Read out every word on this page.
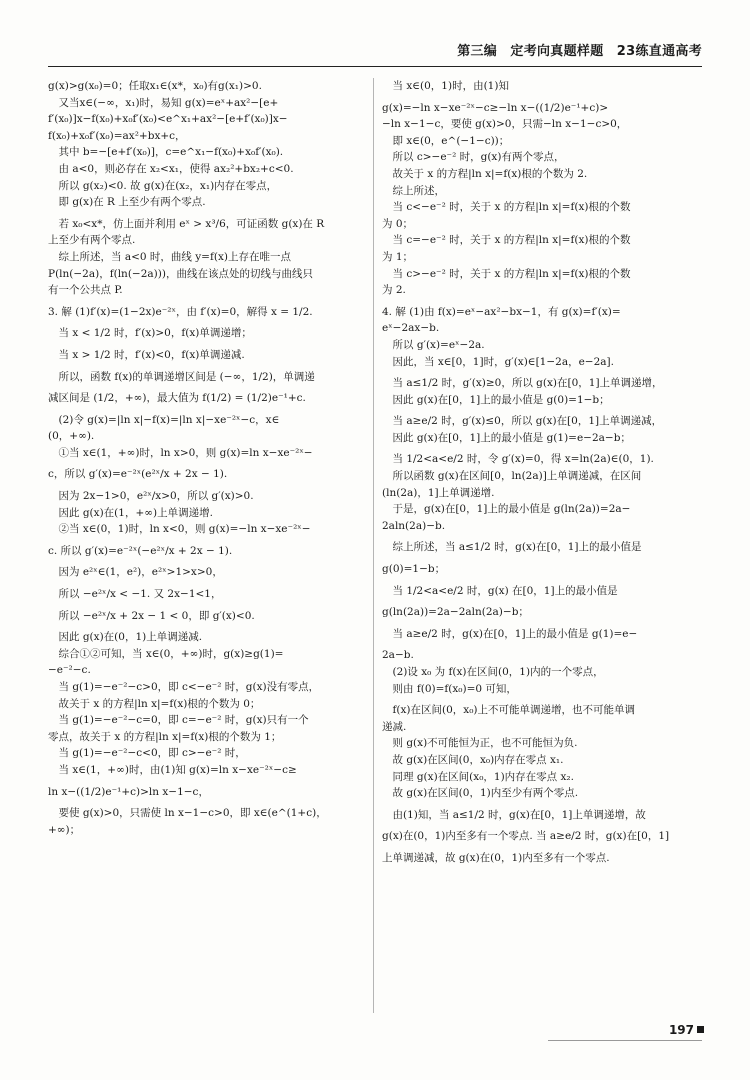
第三编　定考向真题样题　23练直通高考
g(x)>g(x₀)=0；任取x₁∈(x*，x₀)有g(x₁)>0.
　又当x∈(−∞，x₁)时，易知 g(x)=eˣ+ax²−[e+
f′(x₀)]x−f(x₀)+x₀f′(x₀)<e^x₁+ax²−[e+f′(x₀)]x−
f(x₀)+x₀f′(x₀)=ax²+bx+c，
　其中 b=−[e+f′(x₀)]，c=e^x₁−f(x₀)+x₀f′(x₀).
　由 a<0，则必存在 x₂<x₁，使得 ax₂²+bx₂+c<0.
　所以 g(x₂)<0. 故 g(x)在(x₂，x₁)内存在零点，
　即 g(x)在 R 上至少有两个零点.
　若 x₀<x*，仿上面并利用 eˣ > x³/6，可证函数 g(x)在 R
上至少有两个零点.
　综上所述，当 a<0 时，曲线 y=f(x)上存在唯一点
P(ln(−2a)，f(ln(−2a)))，曲线在该点处的切线与曲线只
有一个公共点 P.
3. 解 (1)f′(x)=(1−2x)e⁻²ˣ，由 f′(x)=0，解得 x = 1/2.
　当 x < 1/2 时，f′(x)>0，f(x)单调递增；
　当 x > 1/2 时，f′(x)<0，f(x)单调递减.
　所以，函数 f(x)的单调递增区间是 (−∞，1/2)，单调递
减区间是 (1/2，+∞)，最大值为 f(1/2) = (1/2)e⁻¹+c.
　(2)令 g(x)=|ln x|−f(x)=|ln x|−xe⁻²ˣ−c，x∈
(0，+∞).
　①当 x∈(1，+∞)时，ln x>0，则 g(x)=ln x−xe⁻²ˣ−
c，所以 g′(x)=e⁻²ˣ(e²ˣ/x + 2x − 1).
　因为 2x−1>0，e²ˣ/x>0，所以 g′(x)>0.
　因此 g(x)在(1，+∞)上单调递增.
　②当 x∈(0，1)时，ln x<0，则 g(x)=−ln x−xe⁻²ˣ−
c. 所以 g′(x)=e⁻²ˣ(−e²ˣ/x + 2x − 1).
　因为 e²ˣ∈(1，e²)，e²ˣ>1>x>0，
　所以 −e²ˣ/x < −1. 又 2x−1<1，
　所以 −e²ˣ/x + 2x − 1 < 0，即 g′(x)<0.
　因此 g(x)在(0，1)上单调递减.
　综合①②可知，当 x∈(0，+∞)时，g(x)≥g(1)=
−e⁻²−c.
　当 g(1)=−e⁻²−c>0，即 c<−e⁻² 时，g(x)没有零点，
　故关于 x 的方程|ln x|=f(x)根的个数为 0；
　当 g(1)=−e⁻²−c=0，即 c=−e⁻² 时，g(x)只有一个
零点，故关于 x 的方程|ln x|=f(x)根的个数为 1；
　当 g(1)=−e⁻²−c<0，即 c>−e⁻² 时，
　当 x∈(1，+∞)时，由(1)知 g(x)=ln x−xe⁻²ˣ−c≥
ln x−((1/2)e⁻¹+c)>ln x−1−c，
　要使 g(x)>0，只需使 ln x−1−c>0，即 x∈(e^(1+c)，
+∞)；
　当 x∈(0，1)时，由(1)知
g(x)=−ln x−xe⁻²ˣ−c≥−ln x−((1/2)e⁻¹+c)>
−ln x−1−c，要使 g(x)>0，只需−ln x−1−c>0，
　即 x∈(0，e^(−1−c))；
　所以 c>−e⁻² 时，g(x)有两个零点，
　故关于 x 的方程|ln x|=f(x)根的个数为 2.
　综上所述，
　当 c<−e⁻² 时，关于 x 的方程|ln x|=f(x)根的个数
为 0；
　当 c=−e⁻² 时，关于 x 的方程|ln x|=f(x)根的个数
为 1；
　当 c>−e⁻² 时，关于 x 的方程|ln x|=f(x)根的个数
为 2.
4. 解 (1)由 f(x)=eˣ−ax²−bx−1，有 g(x)=f′(x)=
eˣ−2ax−b.
　所以 g′(x)=eˣ−2a.
　因此，当 x∈[0，1]时，g′(x)∈[1−2a，e−2a].
　当 a≤1/2 时，g′(x)≥0，所以 g(x)在[0，1]上单调递增，
　因此 g(x)在[0，1]上的最小值是 g(0)=1−b；
　当 a≥e/2 时，g′(x)≤0，所以 g(x)在[0，1]上单调递减，
　因此 g(x)在[0，1]上的最小值是 g(1)=e−2a−b；
　当 1/2<a<e/2 时，令 g′(x)=0，得 x=ln(2a)∈(0，1).
　所以函数 g(x)在区间[0，ln(2a)]上单调递减，在区间
(ln(2a)，1]上单调递增.
　于是，g(x)在[0，1]上的最小值是 g(ln(2a))=2a−
2aln(2a)−b.
　综上所述，当 a≤1/2 时，g(x)在[0，1]上的最小值是
g(0)=1−b；
　当 1/2<a<e/2 时，g(x) 在[0，1]上的最小值是
g(ln(2a))=2a−2aln(2a)−b；
　当 a≥e/2 时，g(x)在[0，1]上的最小值是 g(1)=e−
2a−b.
　(2)设 x₀ 为 f(x)在区间(0，1)内的一个零点，
　则由 f(0)=f(x₀)=0 可知，
　f(x)在区间(0，x₀)上不可能单调递增，也不可能单调
递减.
　则 g(x)不可能恒为正，也不可能恒为负.
　故 g(x)在区间(0，x₀)内存在零点 x₁.
　同理 g(x)在区间(x₀，1)内存在零点 x₂.
　故 g(x)在区间(0，1)内至少有两个零点.
　由(1)知，当 a≤1/2 时，g(x)在[0，1]上单调递增，故
g(x)在(0，1)内至多有一个零点. 当 a≥e/2 时，g(x)在[0，1]
上单调递减，故 g(x)在(0，1)内至多有一个零点.
197
